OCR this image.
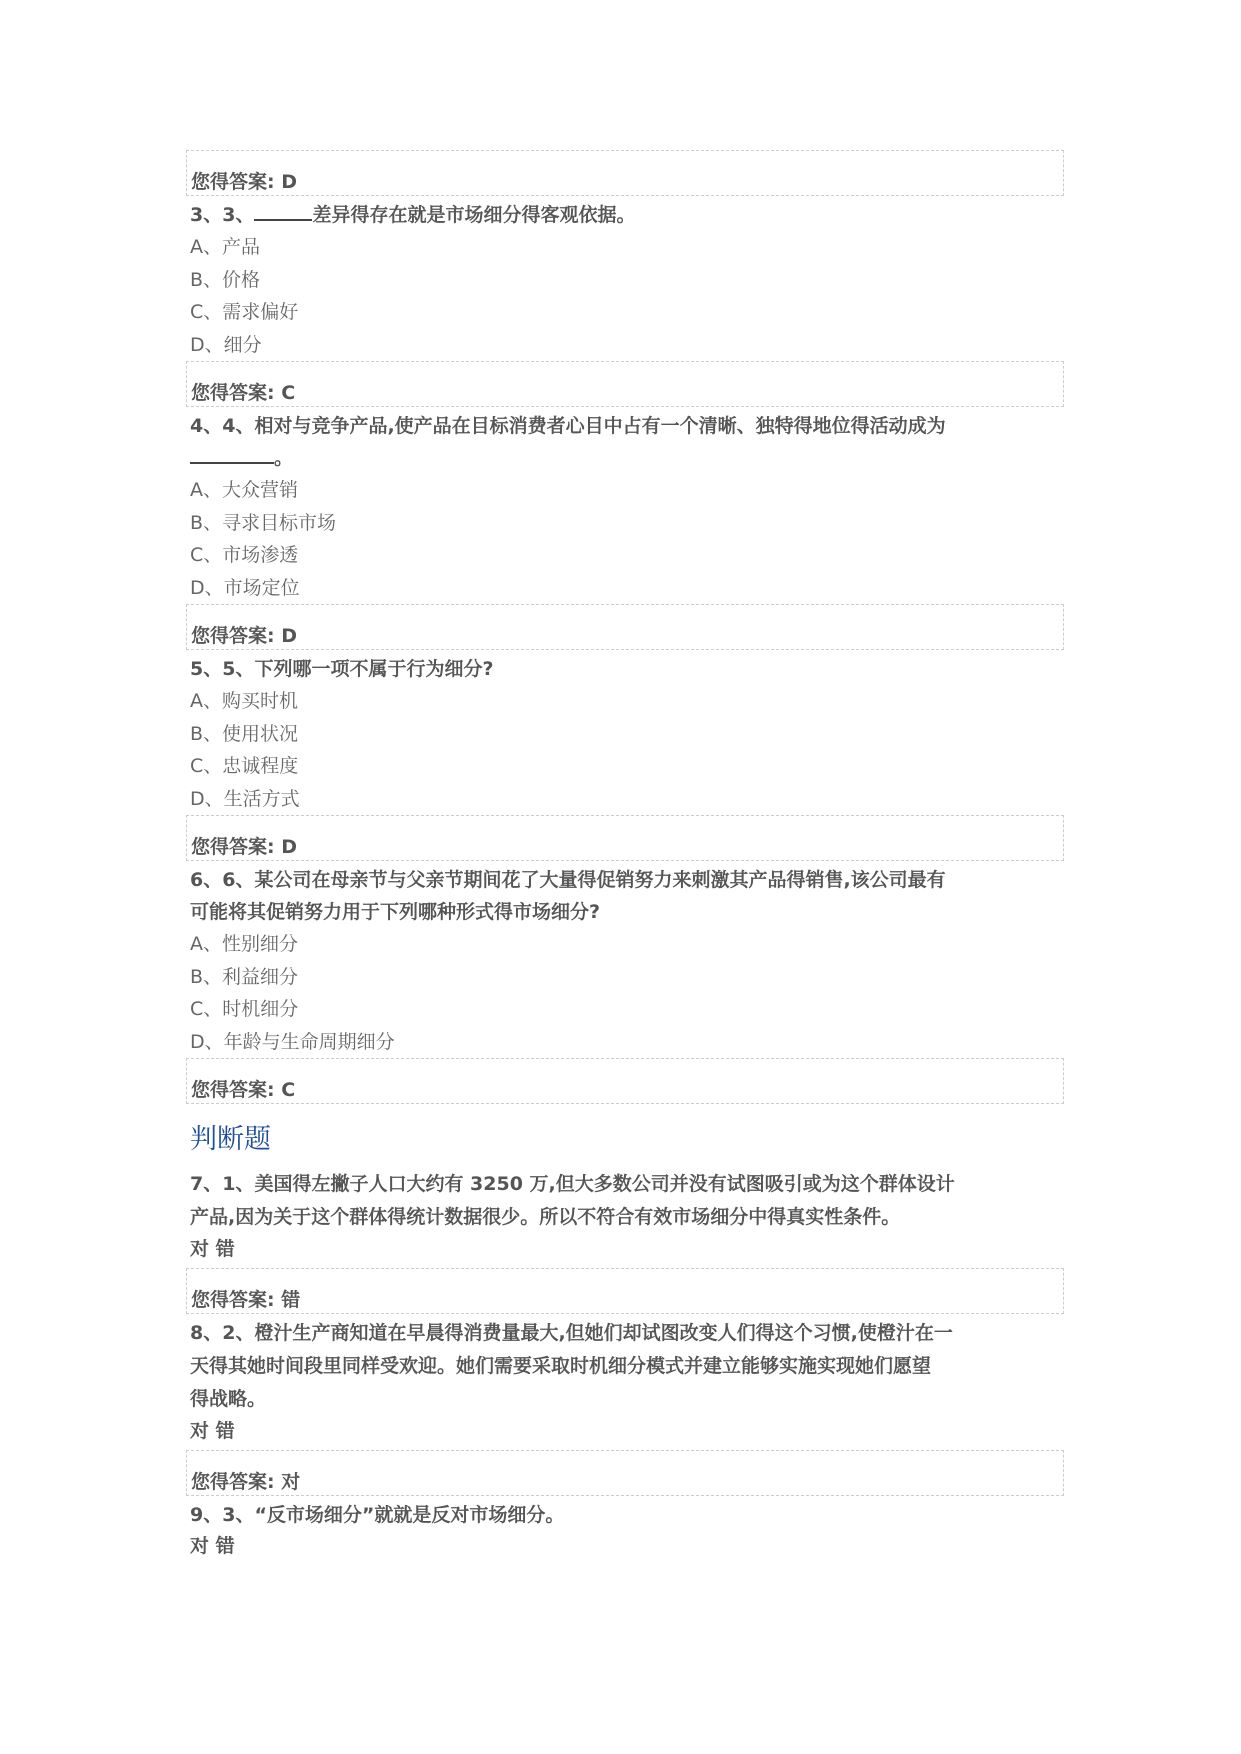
您得答案: D
3、3、	差异得存在就是市场细分得客观依据。
A、产品
B、价格
C、需求偏好
D、细分
您得答案: C
4、4、相对与竞争产品,使产品在目标消费者心目中占有一个清晰、独特得地位得活动成为
。
A、大众营销
B、寻求目标市场
C、市场渗透
D、市场定位
您得答案: D
5、5、下列哪一项不属于行为细分?
A、购买时机
B、使用状况
C、忠诚程度
D、生活方式
您得答案: D
6、6、某公司在母亲节与父亲节期间花了大量得促销努力来刺激其产品得销售,该公司最有
可能将其促销努力用于下列哪种形式得市场细分?
A、性别细分
B、利益细分
C、时机细分
D、年龄与生命周期细分
您得答案: C
判断题
7、1、美国得左撇子人口大约有 3250 万,但大多数公司并没有试图吸引或为这个群体设计
产品,因为关于这个群体得统计数据很少。所以不符合有效市场细分中得真实性条件。
对 错
您得答案: 错
8、2、橙汁生产商知道在早晨得消费量最大,但她们却试图改变人们得这个习惯,使橙汁在一
天得其她时间段里同样受欢迎。她们需要采取时机细分模式并建立能够实施实现她们愿望
得战略。
对 错
您得答案: 对
9、3、“反市场细分”就就是反对市场细分。
对 错
